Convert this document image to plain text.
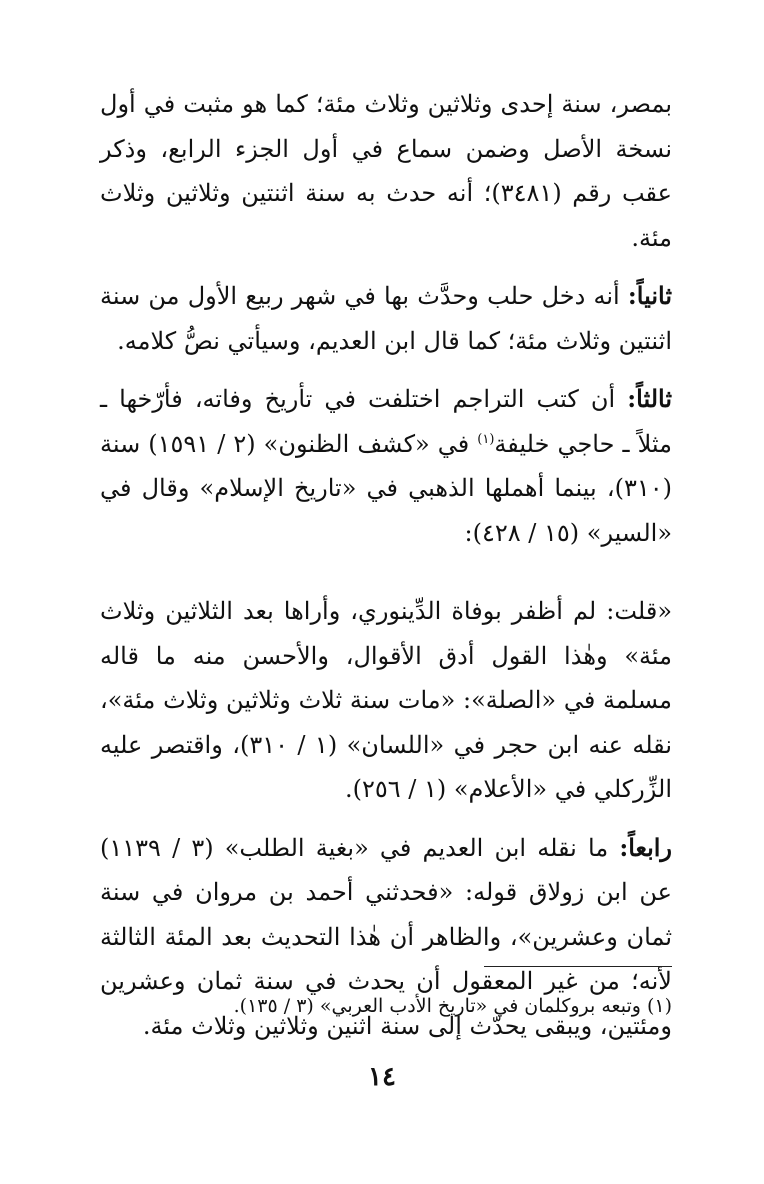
بمصر، سنة إحدى وثلاثين وثلاث مئة؛ كما هو مثبت في أول نسخة الأصل وضمن سماع في أول الجزء الرابع، وذكر عقب رقم (٣٤٨١)؛ أنه حدث به سنة اثنتين وثلاثين وثلاث مئة.

ثانياً: أنه دخل حلب وحدَّث بها في شهر ربيع الأول من سنة اثنتين وثلاث مئة؛ كما قال ابن العديم، وسيأتي نصُّ كلامه.

ثالثاً: أن كتب التراجم اختلفت في تأريخ وفاته، فأرّخها ـ مثلاً ـ حاجي خليفة$^{(١)}$ في «كشف الظنون» (٢ / ١٥٩١) سنة (٣١٠)، بينما أهملها الذهبي في «تاريخ الإسلام» وقال في «السير» (١٥ / ٤٢٨):

«قلت: لم أظفر بوفاة الدِّينوري، وأراها بعد الثلاثين وثلاث مئة» وهٰذا القول أدق الأقوال، والأحسن منه ما قاله مسلمة في «الصلة»: «مات سنة ثلاث وثلاثين وثلاث مئة»، نقله عنه ابن حجر في «اللسان» (١ / ٣١٠)، واقتصر عليه الزِّركلي في «الأعلام» (١ / ٢٥٦).

رابعاً: ما نقله ابن العديم في «بغية الطلب» (٣ / ١١٣٩) عن ابن زولاق قوله: «فحدثني أحمد بن مروان في سنة ثمان وعشرين»، والظاهر أن هٰذا التحديث بعد المئة الثالثة لأنه؛ من غير المعقول أن يحدث في سنة ثمان وعشرين ومئتين، ويبقى يحدّث إلى سنة اثنين وثلاثين وثلاث مئة.

(١) وتبعه بروكلمان في «تاريخ الأدب العربي» (٣ / ١٣٥).
١٤
